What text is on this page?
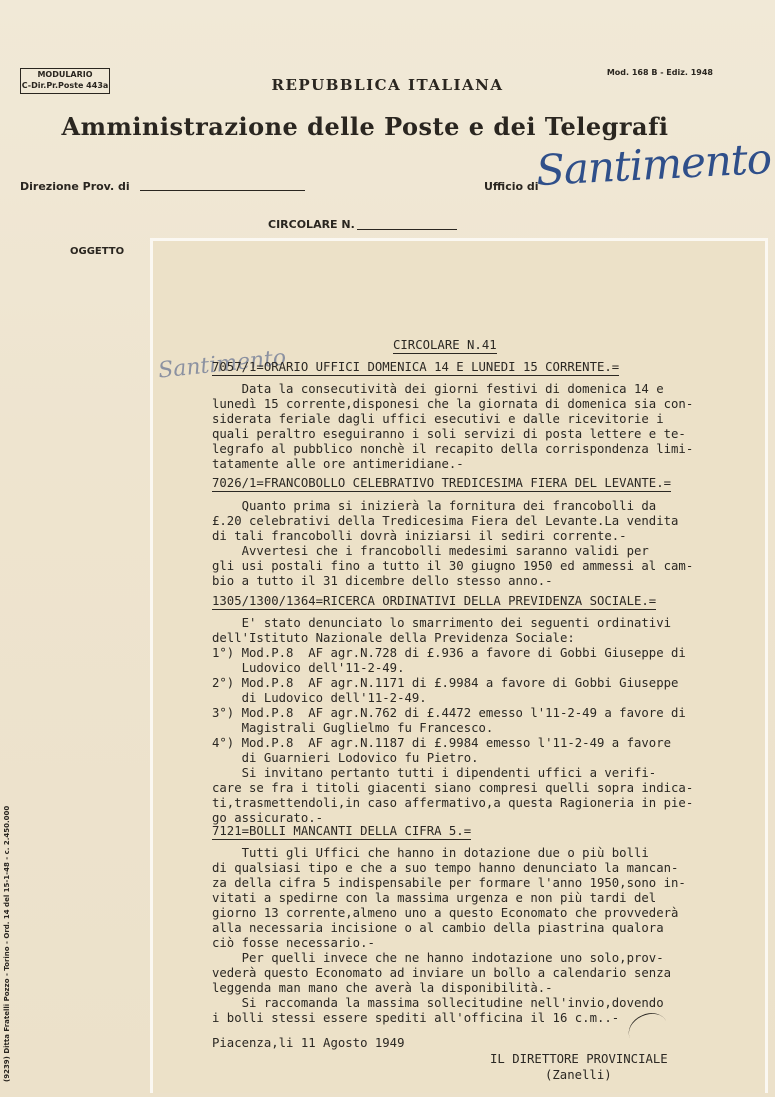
MODULARIO
C-Dir.Pr.Poste 443a
Mod. 168 B - Ediz. 1948
REPUBBLICA ITALIANA
Amministrazione delle Poste e dei Telegrafi
Direzione Prov. di	Ufficio di
Santimento
CIRCOLARE N.
OGGETTO
(9239) Ditta Fratelli Pozzo - Torino - Ord. 14 del 15-1-48 - c. 2.450.000
Santimento
CIRCOLARE N.41
7057/1=ORARIO UFFICI DOMENICA 14 E LUNEDI 15 CORRENTE.=
Data la consecutività dei giorni festivi di domenica 14 e
lunedì 15 corrente,disponesi che la giornata di domenica sia con-
siderata feriale dagli uffici esecutivi e dalle ricevitorie i
quali peraltro eseguiranno i soli servizi di posta lettere e te-
legrafo al pubblico nonchè il recapito della corrispondenza limi-
tatamente alle ore antimeridiane.-
7026/1=FRANCOBOLLO CELEBRATIVO TREDICESIMA FIERA DEL LEVANTE.=
Quanto prima si inizierà la fornitura dei francobolli da
£.20 celebrativi della Tredicesima Fiera del Levante.La vendita
di tali francobolli dovrà iniziarsi il sediri corrente.-
Avvertesi che i francobolli medesimi saranno validi per
gli usi postali fino a tutto il 30 giugno 1950 ed ammessi al cam-
bio a tutto il 31 dicembre dello stesso anno.-
1305/1300/1364=RICERCA ORDINATIVI DELLA PREVIDENZA SOCIALE.=
E' stato denunciato lo smarrimento dei seguenti ordinativi
dell'Istituto Nazionale della Previdenza Sociale:
1°) Mod.P.8  AF agr.N.728 di £.936 a favore di Gobbi Giuseppe di
Ludovico dell'11-2-49.
2°) Mod.P.8  AF agr.N.1171 di £.9984 a favore di Gobbi Giuseppe
di Ludovico dell'11-2-49.
3°) Mod.P.8  AF agr.N.762 di £.4472 emesso l'11-2-49 a favore di
Magistrali Guglielmo fu Francesco.
4°) Mod.P.8  AF agr.N.1187 di £.9984 emesso l'11-2-49 a favore
di Guarnieri Lodovico fu Pietro.
Si invitano pertanto tutti i dipendenti uffici a verifi-
care se fra i titoli giacenti siano compresi quelli sopra indica-
ti,trasmettendoli,in caso affermativo,a questa Ragioneria in pie-
go assicurato.-
7121=BOLLI MANCANTI DELLA CIFRA 5.=
Tutti gli Uffici che hanno in dotazione due o più bolli
di qualsiasi tipo e che a suo tempo hanno denunciato la mancan-
za della cifra 5 indispensabile per formare l'anno 1950,sono in-
vitati a spedirne con la massima urgenza e non più tardi del
giorno 13 corrente,almeno uno a questo Economato che provvederà
alla necessaria incisione o al cambio della piastrina qualora
ciò fosse necessario.-
Per quelli invece che ne hanno indotazione uno solo,prov-
vederà questo Economato ad inviare un bollo a calendario senza
leggenda man mano che averà la disponibilità.-
Si raccomanda la massima sollecitudine nell'invio,dovendo
i bolli stessi essere spediti all'officina il 16 c.m..-
Piacenza,li 11 Agosto 1949
IL DIRETTORE PROVINCIALE
(Zanelli)
